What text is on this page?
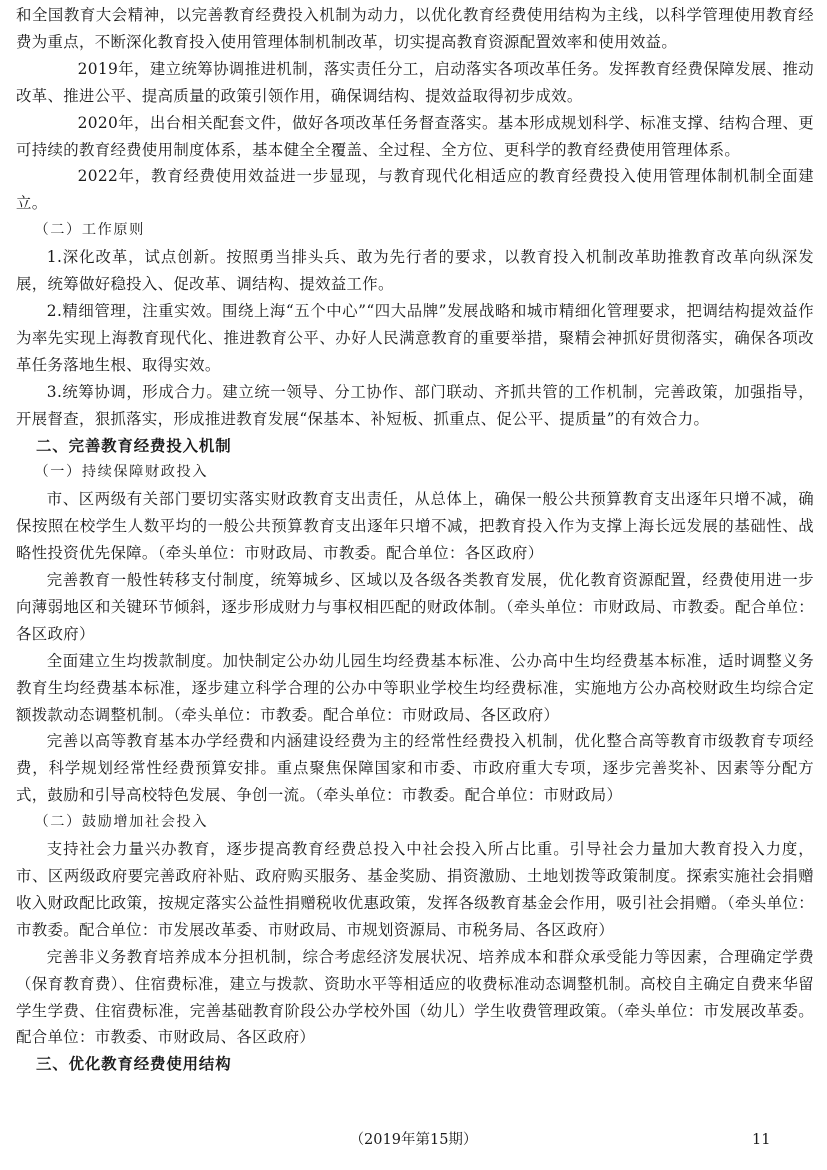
和全国教育大会精神，以完善教育经费投入机制为动力，以优化教育经费使用结构为主线，以科学管理使用教育经费为重点，不断深化教育投入使用管理体制机制改革，切实提高教育资源配置效率和使用效益。

2019年，建立统筹协调推进机制，落实责任分工，启动落实各项改革任务。发挥教育经费保障发展、推动改革、推进公平、提高质量的政策引领作用，确保调结构、提效益取得初步成效。

2020年，出台相关配套文件，做好各项改革任务督查落实。基本形成规划科学、标准支撑、结构合理、更可持续的教育经费使用制度体系，基本健全全覆盖、全过程、全方位、更科学的教育经费使用管理体系。

2022年，教育经费使用效益进一步显现，与教育现代化相适应的教育经费投入使用管理体制机制全面建立。

（二）工作原则

1.深化改革，试点创新。按照勇当排头兵、敢为先行者的要求，以教育投入机制改革助推教育改革向纵深发展，统筹做好稳投入、促改革、调结构、提效益工作。

2.精细管理，注重实效。围绕上海“五个中心”“四大品牌”发展战略和城市精细化管理要求，把调结构提效益作为率先实现上海教育现代化、推进教育公平、办好人民满意教育的重要举措，聚精会神抓好贯彻落实，确保各项改革任务落地生根、取得实效。

3.统筹协调，形成合力。建立统一领导、分工协作、部门联动、齐抓共管的工作机制，完善政策，加强指导，开展督查，狠抓落实，形成推进教育发展“保基本、补短板、抓重点、促公平、提质量”的有效合力。

二、完善教育经费投入机制

（一）持续保障财政投入

市、区两级有关部门要切实落实财政教育支出责任，从总体上，确保一般公共预算教育支出逐年只增不减，确保按照在校学生人数平均的一般公共预算教育支出逐年只增不减，把教育投入作为支撑上海长远发展的基础性、战略性投资优先保障。（牵头单位：市财政局、市教委。配合单位：各区政府）

完善教育一般性转移支付制度，统筹城乡、区域以及各级各类教育发展，优化教育资源配置，经费使用进一步向薄弱地区和关键环节倾斜，逐步形成财力与事权相匹配的财政体制。（牵头单位：市财政局、市教委。配合单位：各区政府）

全面建立生均拨款制度。加快制定公办幼儿园生均经费基本标准、公办高中生均经费基本标准，适时调整义务教育生均经费基本标准，逐步建立科学合理的公办中等职业学校生均经费标准，实施地方公办高校财政生均综合定额拨款动态调整机制。（牵头单位：市教委。配合单位：市财政局、各区政府）

完善以高等教育基本办学经费和内涵建设经费为主的经常性经费投入机制，优化整合高等教育市级教育专项经费，科学规划经常性经费预算安排。重点聚焦保障国家和市委、市政府重大专项，逐步完善奖补、因素等分配方式，鼓励和引导高校特色发展、争创一流。（牵头单位：市教委。配合单位：市财政局）

（二）鼓励增加社会投入

支持社会力量兴办教育，逐步提高教育经费总投入中社会投入所占比重。引导社会力量加大教育投入力度，市、区两级政府要完善政府补贴、政府购买服务、基金奖励、捐资激励、土地划拨等政策制度。探索实施社会捐赠收入财政配比政策，按规定落实公益性捐赠税收优惠政策，发挥各级教育基金会作用，吸引社会捐赠。（牵头单位：市教委。配合单位：市发展改革委、市财政局、市规划资源局、市税务局、各区政府）

完善非义务教育培养成本分担机制，综合考虑经济发展状况、培养成本和群众承受能力等因素，合理确定学费（保育教育费）、住宿费标准，建立与拨款、资助水平等相适应的收费标准动态调整机制。高校自主确定自费来华留学生学费、住宿费标准，完善基础教育阶段公办学校外国（幼儿）学生收费管理政策。（牵头单位：市发展改革委。配合单位：市教委、市财政局、各区政府）

三、优化教育经费使用结构

（2019年第15期）	11
